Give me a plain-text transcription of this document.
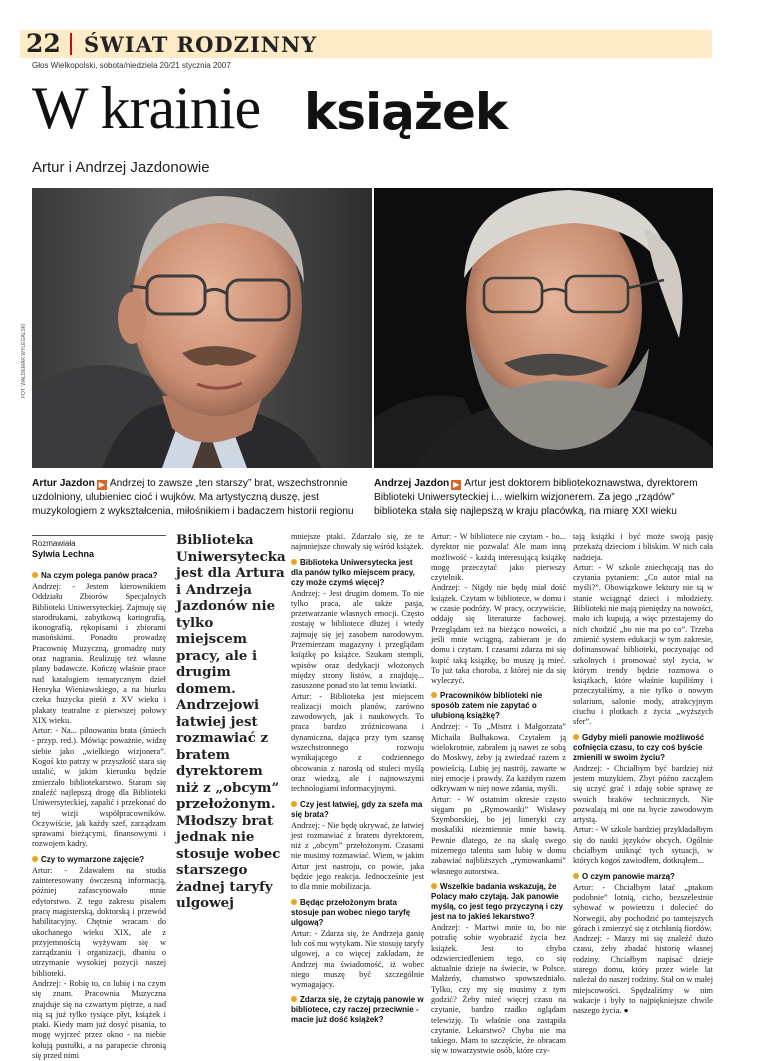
22 ŚWIAT RODZINNY
Głos Wielkopolski, sobota/niedziela 20/21 stycznia 2007
W krainie książek
Artur i Andrzej Jazdonowie
FOT. WALDEMAR WYLEGALSKI
Artur Jazdon ▶ Andrzej to zawsze „ten starszy” brat, wszechstronnie uzdolniony, ulubieniec cioć i wujków. Ma artystyczną duszę, jest muzykologiem z wykształcenia, miłośnikiem i badaczem historii regionu
Andrzej Jazdon ▶ Artur jest doktorem bibliotekoznawstwa, dyrektorem Biblioteki Uniwersyteckiej i... wielkim wizjonerem. Za jego „rządów” biblioteka stała się najlepszą w kraju placówką, na miarę XXI wieku
Rozmawiała
Sylwia Lechna
Biblioteka Uniwersytecka jest dla Artura i Andrzeja Jazdonów nie tylko miejscem pracy, ale i drugim domem. Andrzejowi łatwiej jest rozmawiać z bratem dyrektorem niż z „obcym” przełożonym. Młodszy brat jednak nie stosuje wobec starszego żadnej taryfy ulgowej

Na czym polega panów praca?

Andrzej: - Jestem kierownikiem Oddziału Zbiorów Specjalnych Biblioteki Uniwersyteckiej. Zajmuję się starodrukami, zabytkową kartografią, ikonografią, rękopisami i zbiorami masońskimi. Ponadto prowadzę Pracownię Muzyczną, gromadzę nuty oraz nagrania. Realizuję też własne plany badawcze. Kończę właśnie prace nad katalogiem tematycznym dzieł Henryka Wieniawskiego, a na biurku czeka huzycka pieśń z XV wieku i plakaty teatralne z pierwszej połowy XIX wieku.

Artur: - Na... pilnowaniu brata (śmiech - przyp. red.). Mówiąc poważnie, widzę siebie jako „wielkiego wizjonera”. Kogoś kto patrzy w przyszłość stara się ustalić, w jakim kierunku będzie zmierzało bibliotekarstwo. Staram się znaleźć najlepszą drogę dla Biblioteki Uniwersyteckiej, zapalić i przekonać do tej wizji współpracowników. Oczywiście, jak każdy szef, zarządzam sprawami bieżącymi, finansowymi i rozwojem kadry.

Czy to wymarzone zajęcie?

Artur: - Zdawałem na studia zainteresowany ówczesną informacją, później zafascynowało mnie edytorstwo. Z tego zakresu pisałem pracę magisterską, doktorską i przewód habilitacyjny. Chętnie wracam do ukochanego wieku XIX, ale z przyjemnością wyżywam się w zarządzaniu i organizacji, dbaniu o utrzymanie wysokiej pozycji naszej biblioteki.

Andrzej: - Robię to, co lubię i na czym się znam. Pracownia Muzyczna znajduje się na czwartym piętrze, a nad nią są już tylko tysiące płyt, książek i ptaki. Kiedy mam już dosyć pisania, to mogę wyjrzeć przez okno - na niebie kołują pustułki, a na parapecie chronią się przed nimi

mniejsze ptaki. Zdarzało się, że te najmniejsze chowały się wśród książek.

Biblioteka Uniwersytecka jest dla panów tylko miejscem pracy, czy może czymś więcej?

Andrzej: - Jest drugim domem. To nie tylko praca, ale także pasja, przetwarzanie własnych emocji. Często zostaję w bibliotece dłużej i wtedy zajmuję się jej zasobem narodowym. Przemierzam magazyny i przeglądam książkę po książce. Szukam stempli, wpisów oraz dedykacji włożonych między strony listów, a znajduję... zasuszone ponad sto lat temu kwiatki.

Artur: - Biblioteka jest miejscem realizacji moich planów, zarówno zawodowych, jak i naukowych. To praca bardzo zróżnicowana i dynamiczna, dająca przy tym szansę wszechstronnego rozwoju wynikającego z codziennego obcowania z narosłą od stuleci myślą oraz wiedzą, ale i najnowszymi technologiami informacyjnymi.

Czy jest łatwiej, gdy za szefa ma się brata?

Andrzej: - Nie będę ukrywać, że łatwiej jest rozmawiać z bratem dyrektorem, niż z „obcym” przełożonym. Czasami nie musimy rozmawiać. Wiem, w jakim Artur jest nastroju, co powie, jaka będzie jego reakcja. Jednocześnie jest to dla mnie mobilizacja.

Będąc przełożonym brata stosuje pan wobec niego taryfę ulgową?

Artur: - Zdarza się, że Andrzeja ganię lub coś mu wytykam. Nie stosuję taryfy ulgowej, a co więcej zakładam, że Andrzej ma świadomość, iż wobec niego muszę być szczególnie wymagający.

Zdarza się, że czytają panowie w bibliotece, czy raczej przeciwnie - macie już dość książek?

Artur: - W bibliotece nie czytam - bo... dyrektor nie pozwala! Ale mam inną możliwość - każdą interesującą książkę mogę przeczytać jako pierwszy czytelnik.

Andrzej: - Nigdy nie będę miał dość książek. Czytam w bibliotece, w domu i w czasie podróży. W pracy, oczywiście, oddaję się literaturze fachowej. Przeglądam też na bieżąco nowości, a jeśli mnie wciągną, zabieram je do domu i czytam. I czasami zdarza mi się kupić taką książkę, bo muszę ją mieć. To już taka choroba, z której nie da się wyleczyć.

Pracowników biblioteki nie sposób zatem nie zapytać o ulubioną książkę?

Andrzej: - To „Mistrz i Małgorzata” Michaiła Bułhakowa. Czytałem ją wielokrotnie, zabrałem ją nawet ze sobą do Moskwy, żeby ją zwiedzać razem z powieścią. Lubię jej nastrój, zawarte w niej emocje i prawdy. Za każdym razem odkrywam w niej nowe zdania, myśli.

Artur: - W ostatnim okresie często sięgam po „Rymowanki” Wisławy Szymborskiej, bo jej limeryki czy moskaliki niezmiennie mnie bawią. Pewnie dlatego, że na skalę swego mizernego talentu sam lubię w domu zabawiać najbliższych „rymowankami” własnego autorstwa.

Wszelkie badania wskazują, że Polacy mało czytają. Jak panowie myślą, co jest tego przyczyną i czy jest na to jakieś lekarstwo?

Andrzej: - Martwi mnie to, bo nie potrafię sobie wyobrazić życia bez książek. Jest to chyba odzwierciedleniem tego, co się aktualnie dzieje na świecie, w Polsce. Małżeńy, chamstwo spowszedniało. Tylko, czy my się musimy z tym godzić? Żeby mieć więcej czasu na czytanie, bardzo rzadko oglądam telewizję. To właśnie ona zastąpiła czytanie. Lekarstwo? Chyba nie ma takiego. Mam to szczęście, że obracam się w towarzystwie osób, które czy-

tają książki i być może swoją pasję przekażą dzieciom i bliskim. W nich cała nadzieja.

Artur: - W szkole zniechęcają nas do czytania pytaniem: „Co autor miał na myśli?”. Obowiązkowe lektury nie są w stanie wciągnąć dzieci i młodzieży. Biblioteki nie mają pieniędzy na nowości, mało ich kupują, a więc przestajemy do nich chodzić „bo nie ma po co”. Trzeba zmienić system edukacji w tym zakresie, dofinansować biblioteki, poczynając od szkolnych i promować styl życia, w którym trendy będzie rozmowa o książkach, które właśnie kupiliśmy i przeczytaliśmy, a nie tylko o nowym solarium, salonie mody, atrakcyjnym ciuchu i plotkach z życia „wyższych sfer”.

Gdyby mieli panowie możliwość cofnięcia czasu, to czy coś byście zmienili w swoim życiu?

Andrzej: - Chciałbym być bardziej niż jestem muzykiem. Zbyt późno zacząłem się uczyć grać i zdaję sobie sprawę ze swoich braków technicznych. Nie pozwalają mi one na bycie zawodowym artystą.

Artur: - W szkole bardziej przykładałbym się do nauki języków obcych. Ogólnie chciałbym uniknąć tych sytuacji, w których kogoś zawiodłem, dotknąłem...

O czym panowie marzą?

Artur: - Chciałbym latać „ptakom podobnie” lotnią, cicho, bezszelestnie sybować w powietrzu i dolecieć do Norwegii, aby pochodzić po tamtejszych górach i zmierzyć się z otchłanią fiordów.

Andrzej: - Marzy mi się znaleźć dużo czasu, żeby zbadać historię własnej rodziny. Chciałbym napisać dzieje starego domu, który przez wiele lat należał do naszej rodziny. Stał on w małej miejscowości. Spędzaliśmy w nim wakacje i były to najpiękniejsze chwile naszego życia. ●
